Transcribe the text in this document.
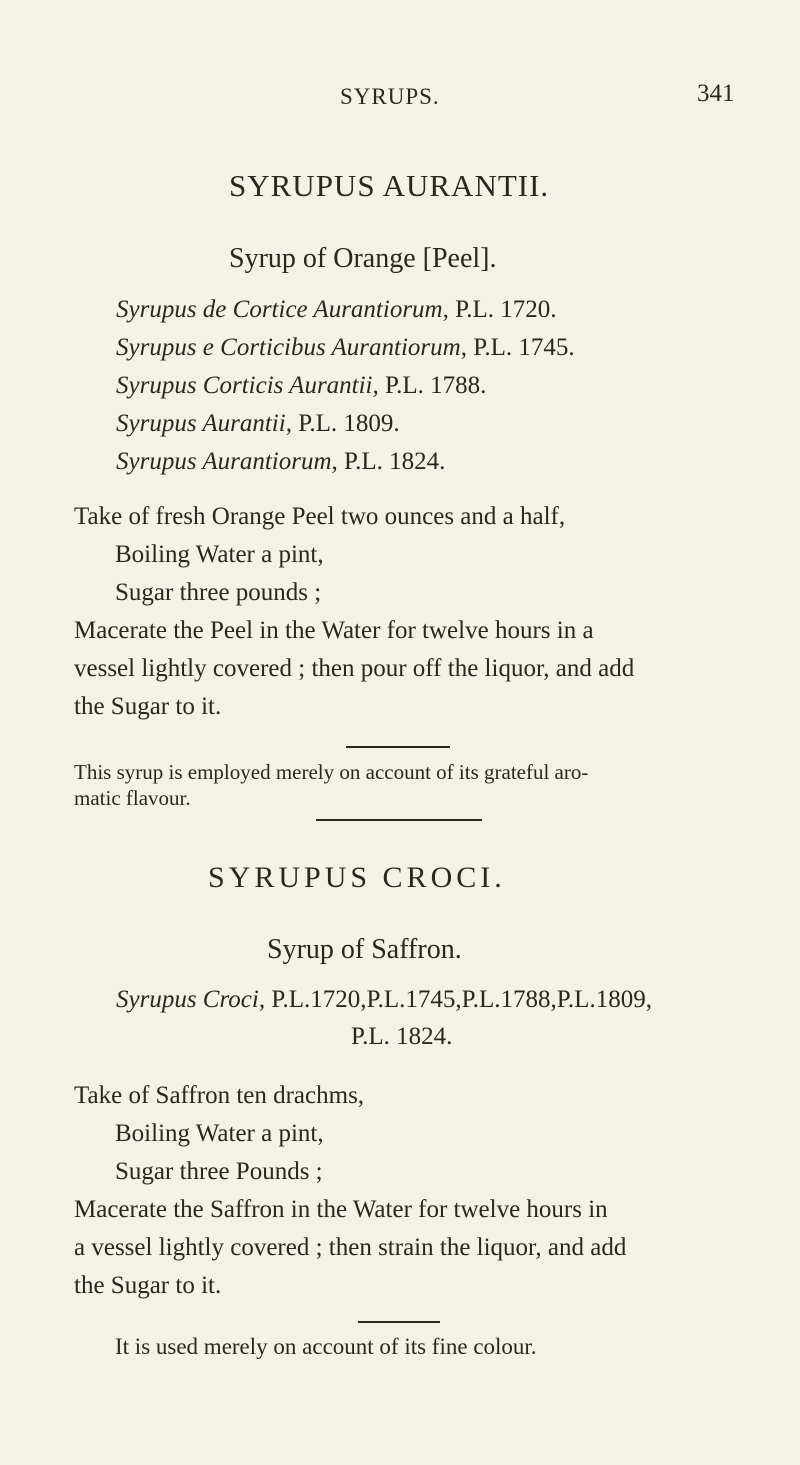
SYRUPS.	341
SYRUPUS AURANTII.
Syrup of Orange [Peel].
Syrupus de Cortice Aurantiorum, P.L. 1720.
Syrupus e Corticibus Aurantiorum, P.L. 1745.
Syrupus Corticis Aurantii, P.L. 1788.
Syrupus Aurantii, P.L. 1809.
Syrupus Aurantiorum, P.L. 1824.
Take of fresh Orange Peel two ounces and a half,
Boiling Water a pint,
Sugar three pounds ;
Macerate the Peel in the Water for twelve hours in a
vessel lightly covered ; then pour off the liquor, and add
the Sugar to it.
This syrup is employed merely on account of its grateful aro-
matic flavour.
SYRUPUS CROCI.
Syrup of Saffron.
Syrupus Croci, P.L.1720,P.L.1745,P.L.1788,P.L.1809,
P.L. 1824.
Take of Saffron ten drachms,
Boiling Water a pint,
Sugar three Pounds ;
Macerate the Saffron in the Water for twelve hours in
a vessel lightly covered ; then strain the liquor, and add
the Sugar to it.
It is used merely on account of its fine colour.
